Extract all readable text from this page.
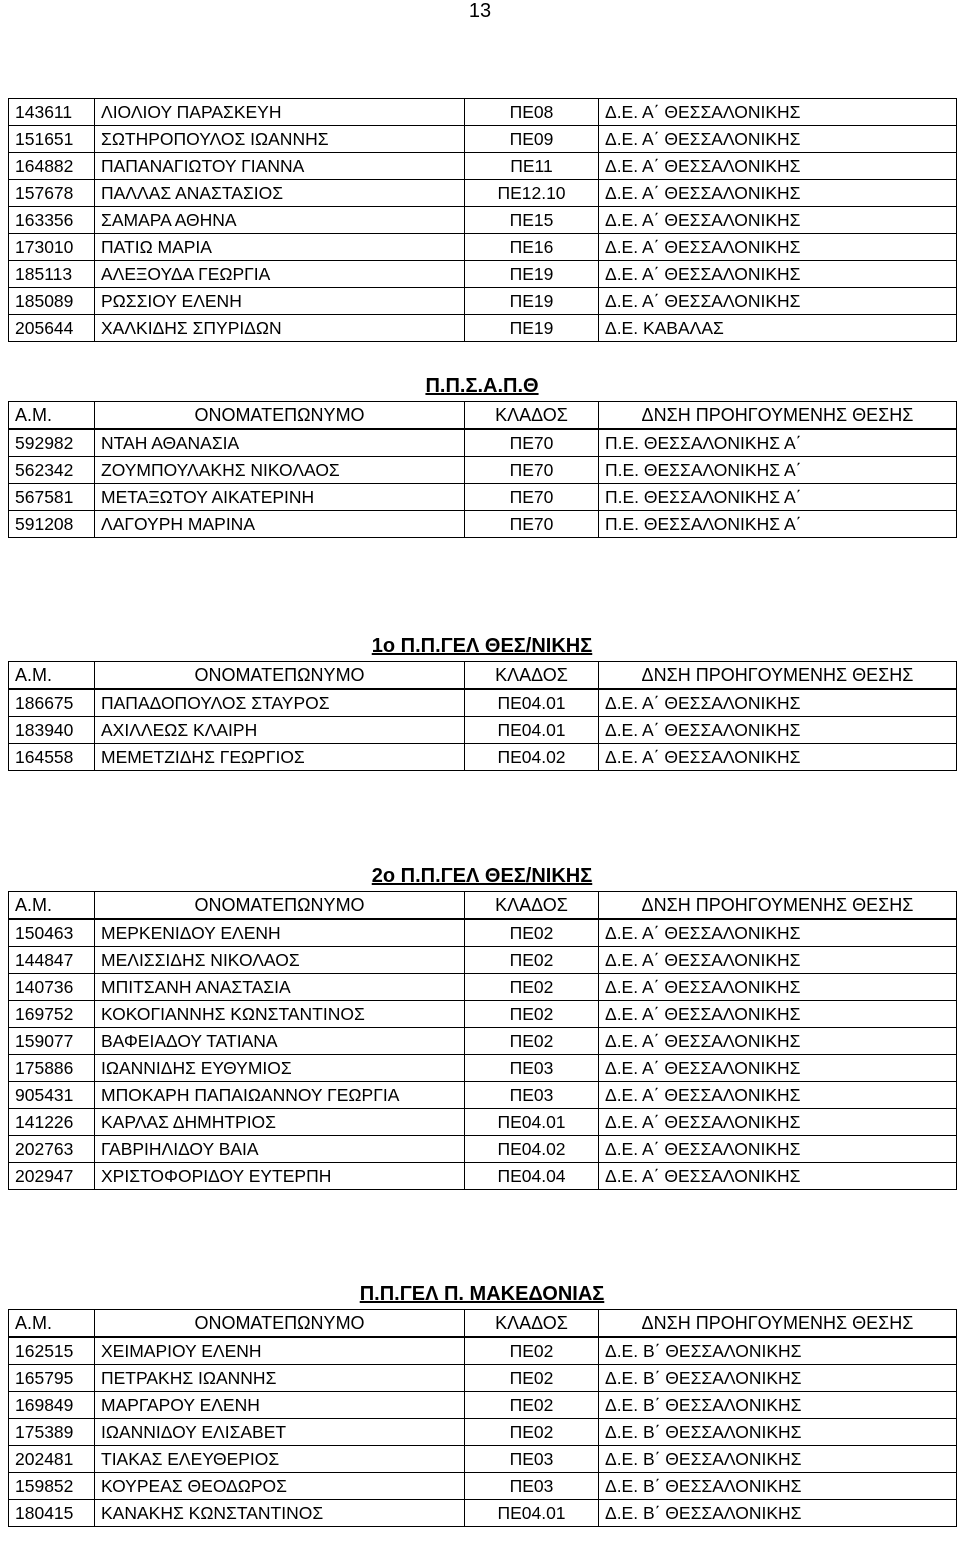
13
143611	ΛΙΟΛΙΟΥ ΠΑΡΑΣΚΕΥΗ	ΠΕ08	Δ.Ε. Α΄ ΘΕΣΣΑΛΟΝΙΚΗΣ
151651	ΣΩΤΗΡΟΠΟΥΛΟΣ ΙΩΑΝΝΗΣ	ΠΕ09	Δ.Ε. Α΄ ΘΕΣΣΑΛΟΝΙΚΗΣ
164882	ΠΑΠΑΝΑΓΙΩΤΟΥ ΓΙΑΝΝΑ	ΠΕ11	Δ.Ε. Α΄ ΘΕΣΣΑΛΟΝΙΚΗΣ
157678	ΠΑΛΛΑΣ ΑΝΑΣΤΑΣΙΟΣ	ΠΕ12.10	Δ.Ε. Α΄ ΘΕΣΣΑΛΟΝΙΚΗΣ
163356	ΣΑΜΑΡΑ ΑΘΗΝΑ	ΠΕ15	Δ.Ε. Α΄ ΘΕΣΣΑΛΟΝΙΚΗΣ
173010	ΠΑΤΙΩ ΜΑΡΙΑ	ΠΕ16	Δ.Ε. Α΄ ΘΕΣΣΑΛΟΝΙΚΗΣ
185113	ΑΛΕΞΟΥΔΑ ΓΕΩΡΓΙΑ	ΠΕ19	Δ.Ε. Α΄ ΘΕΣΣΑΛΟΝΙΚΗΣ
185089	ΡΩΣΣΙΟΥ ΕΛΕΝΗ	ΠΕ19	Δ.Ε. Α΄ ΘΕΣΣΑΛΟΝΙΚΗΣ
205644	ΧΑΛΚΙΔΗΣ ΣΠΥΡΙΔΩΝ	ΠΕ19	Δ.Ε. ΚΑΒΑΛΑΣ
Π.Π.Σ.Α.Π.Θ
Α.Μ.	ΟΝΟΜΑΤΕΠΩΝΥΜΟ	ΚΛΑΔΟΣ	ΔΝΣΗ ΠΡΟΗΓΟΥΜΕΝΗΣ ΘΕΣΗΣ
592982	ΝΤΑΗ ΑΘΑΝΑΣΙΑ	ΠΕ70	Π.Ε. ΘΕΣΣΑΛΟΝΙΚΗΣ Α΄
562342	ΖΟΥΜΠΟΥΛΑΚΗΣ ΝΙΚΟΛΑΟΣ	ΠΕ70	Π.Ε. ΘΕΣΣΑΛΟΝΙΚΗΣ Α΄
567581	ΜΕΤΑΞΩΤΟΥ ΑΙΚΑΤΕΡΙΝΗ	ΠΕ70	Π.Ε. ΘΕΣΣΑΛΟΝΙΚΗΣ Α΄
591208	ΛΑΓΟΥΡΗ ΜΑΡΙΝΑ	ΠΕ70	Π.Ε. ΘΕΣΣΑΛΟΝΙΚΗΣ Α΄
1ο Π.Π.ΓΕΛ ΘΕΣ/ΝΙΚΗΣ
Α.Μ.	ΟΝΟΜΑΤΕΠΩΝΥΜΟ	ΚΛΑΔΟΣ	ΔΝΣΗ ΠΡΟΗΓΟΥΜΕΝΗΣ ΘΕΣΗΣ
186675	ΠΑΠΑΔΟΠΟΥΛΟΣ ΣΤΑΥΡΟΣ	ΠΕ04.01	Δ.Ε. Α΄ ΘΕΣΣΑΛΟΝΙΚΗΣ
183940	ΑΧΙΛΛΕΩΣ ΚΛΑΙΡΗ	ΠΕ04.01	Δ.Ε. Α΄ ΘΕΣΣΑΛΟΝΙΚΗΣ
164558	ΜΕΜΕΤΖΙΔΗΣ ΓΕΩΡΓΙΟΣ	ΠΕ04.02	Δ.Ε. Α΄ ΘΕΣΣΑΛΟΝΙΚΗΣ
2ο Π.Π.ΓΕΛ ΘΕΣ/ΝΙΚΗΣ
Α.Μ.	ΟΝΟΜΑΤΕΠΩΝΥΜΟ	ΚΛΑΔΟΣ	ΔΝΣΗ ΠΡΟΗΓΟΥΜΕΝΗΣ ΘΕΣΗΣ
150463	ΜΕΡΚΕΝΙΔΟΥ ΕΛΕΝΗ	ΠΕ02	Δ.Ε. Α΄ ΘΕΣΣΑΛΟΝΙΚΗΣ
144847	ΜΕΛΙΣΣΙΔΗΣ ΝΙΚΟΛΑΟΣ	ΠΕ02	Δ.Ε. Α΄ ΘΕΣΣΑΛΟΝΙΚΗΣ
140736	ΜΠΙΤΣΑΝΗ ΑΝΑΣΤΑΣΙΑ	ΠΕ02	Δ.Ε. Α΄ ΘΕΣΣΑΛΟΝΙΚΗΣ
169752	ΚΟΚΟΓΙΑΝΝΗΣ ΚΩΝΣΤΑΝΤΙΝΟΣ	ΠΕ02	Δ.Ε. Α΄ ΘΕΣΣΑΛΟΝΙΚΗΣ
159077	ΒΑΦΕΙΑΔΟΥ ΤΑΤΙΑΝΑ	ΠΕ02	Δ.Ε. Α΄ ΘΕΣΣΑΛΟΝΙΚΗΣ
175886	ΙΩΑΝΝΙΔΗΣ ΕΥΘΥΜΙΟΣ	ΠΕ03	Δ.Ε. Α΄ ΘΕΣΣΑΛΟΝΙΚΗΣ
905431	ΜΠΟΚΑΡΗ ΠΑΠΑΙΩΑΝΝΟΥ ΓΕΩΡΓΙΑ	ΠΕ03	Δ.Ε. Α΄ ΘΕΣΣΑΛΟΝΙΚΗΣ
141226	ΚΑΡΛΑΣ ΔΗΜΗΤΡΙΟΣ	ΠΕ04.01	Δ.Ε. Α΄ ΘΕΣΣΑΛΟΝΙΚΗΣ
202763	ΓΑΒΡΙΗΛΙΔΟΥ ΒΑΙΑ	ΠΕ04.02	Δ.Ε. Α΄ ΘΕΣΣΑΛΟΝΙΚΗΣ
202947	ΧΡΙΣΤΟΦΟΡΙΔΟΥ ΕΥΤΕΡΠΗ	ΠΕ04.04	Δ.Ε. Α΄ ΘΕΣΣΑΛΟΝΙΚΗΣ
Π.Π.ΓΕΛ Π. ΜΑΚΕΔΟΝΙΑΣ
Α.Μ.	ΟΝΟΜΑΤΕΠΩΝΥΜΟ	ΚΛΑΔΟΣ	ΔΝΣΗ ΠΡΟΗΓΟΥΜΕΝΗΣ ΘΕΣΗΣ
162515	ΧΕΙΜΑΡΙΟΥ ΕΛΕΝΗ	ΠΕ02	Δ.Ε. Β΄ ΘΕΣΣΑΛΟΝΙΚΗΣ
165795	ΠΕΤΡΑΚΗΣ ΙΩΑΝΝΗΣ	ΠΕ02	Δ.Ε. Β΄ ΘΕΣΣΑΛΟΝΙΚΗΣ
169849	ΜΑΡΓΑΡΟΥ ΕΛΕΝΗ	ΠΕ02	Δ.Ε. Β΄ ΘΕΣΣΑΛΟΝΙΚΗΣ
175389	ΙΩΑΝΝΙΔΟΥ ΕΛΙΣΑΒΕΤ	ΠΕ02	Δ.Ε. Β΄ ΘΕΣΣΑΛΟΝΙΚΗΣ
202481	ΤΙΑΚΑΣ ΕΛΕΥΘΕΡΙΟΣ	ΠΕ03	Δ.Ε. Β΄ ΘΕΣΣΑΛΟΝΙΚΗΣ
159852	ΚΟΥΡΕΑΣ ΘΕΟΔΩΡΟΣ	ΠΕ03	Δ.Ε. Β΄ ΘΕΣΣΑΛΟΝΙΚΗΣ
180415	ΚΑΝΑΚΗΣ ΚΩΝΣΤΑΝΤΙΝΟΣ	ΠΕ04.01	Δ.Ε. Β΄ ΘΕΣΣΑΛΟΝΙΚΗΣ
